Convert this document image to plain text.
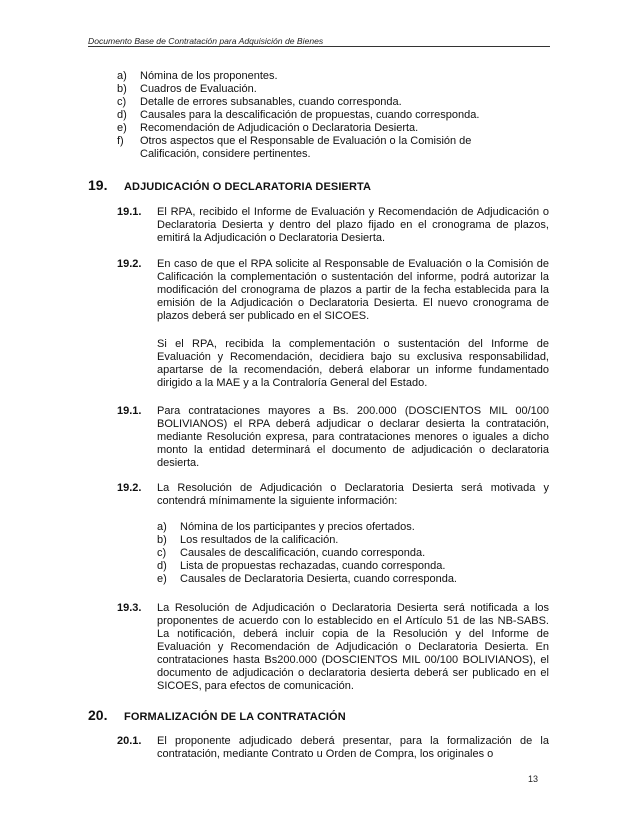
Documento Base de Contratación para Adquisición de Bienes
a)	Nómina de los proponentes.
b)	Cuadros de Evaluación.
c)	Detalle de errores subsanables, cuando corresponda.
d)	Causales para la descalificación de propuestas, cuando corresponda.
e)	Recomendación de Adjudicación o Declaratoria Desierta.
f)	Otros aspectos que el Responsable de Evaluación o la Comisión de Calificación, considere pertinentes.
19.	ADJUDICACIÓN O DECLARATORIA DESIERTA
19.1.	El RPA, recibido el Informe de Evaluación y Recomendación de Adjudicación o Declaratoria Desierta y dentro del plazo fijado en el cronograma de plazos, emitirá la Adjudicación o Declaratoria Desierta.
19.2.	En caso de que el RPA solicite al Responsable de Evaluación o la Comisión de Calificación la complementación o sustentación del informe, podrá autorizar la modificación del cronograma de plazos a partir de la fecha establecida para la emisión de la Adjudicación o Declaratoria Desierta. El nuevo cronograma de plazos deberá ser publicado en el SICOES.
Si el RPA, recibida la complementación o sustentación del Informe de Evaluación y Recomendación, decidiera bajo su exclusiva responsabilidad, apartarse de la recomendación, deberá elaborar un informe fundamentado dirigido a la MAE y a la Contraloría General del Estado.
19.1.	Para contrataciones mayores a Bs. 200.000 (DOSCIENTOS MIL 00/100 BOLIVIANOS) el RPA deberá adjudicar o declarar desierta la contratación, mediante Resolución expresa, para contrataciones menores o iguales a dicho monto la entidad determinará el documento de adjudicación o declaratoria desierta.
19.2.	La Resolución de Adjudicación o Declaratoria Desierta será motivada y contendrá mínimamente la siguiente información:
a)	Nómina de los participantes y precios ofertados.
b)	Los resultados de la calificación.
c)	Causales de descalificación, cuando corresponda.
d)	Lista de propuestas rechazadas, cuando corresponda.
e)	Causales de Declaratoria Desierta, cuando corresponda.
19.3.	La Resolución de Adjudicación o Declaratoria Desierta será notificada a los proponentes de acuerdo con lo establecido en el Artículo 51 de las NB-SABS. La notificación, deberá incluir copia de la Resolución y del Informe de Evaluación y Recomendación de Adjudicación o Declaratoria Desierta. En contrataciones hasta Bs200.000 (DOSCIENTOS MIL 00/100 BOLIVIANOS), el documento de adjudicación o declaratoria desierta deberá ser publicado en el SICOES, para efectos de comunicación.
20.	FORMALIZACIÓN DE LA CONTRATACIÓN
20.1.	El proponente adjudicado deberá presentar, para la formalización de la contratación, mediante Contrato u Orden de Compra, los originales o
13
